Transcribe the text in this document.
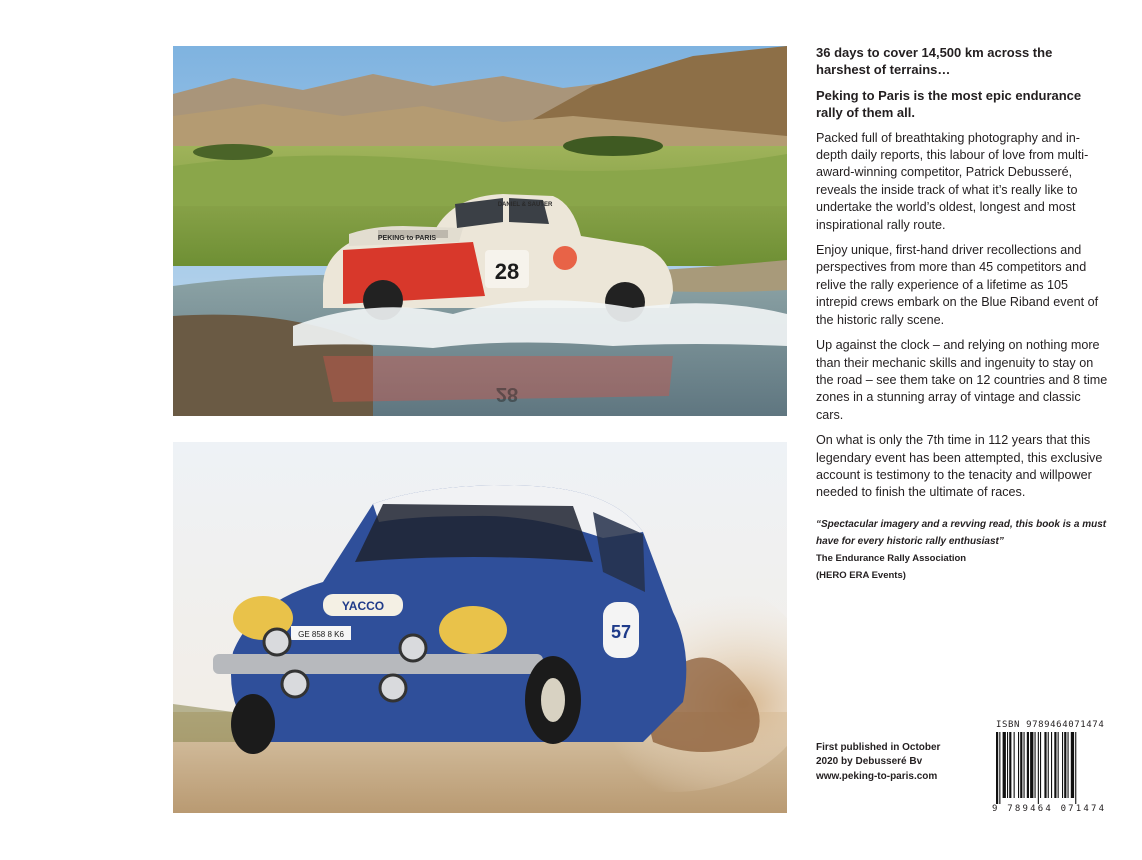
28
PEKING to PARIS
DANIEL & SAUTER
28
YACCO
GE 858 8 K6	57

36 days to cover 14,500 km across the harshest of terrains…

Peking to Paris is the most epic endurance rally of them all.

Packed full of breathtaking photography and in-depth daily reports, this labour of love from multi-award-winning competitor, Patrick Debusseré, reveals the inside track of what it’s really like to undertake the world’s oldest, longest and most inspirational rally route.

Enjoy unique, first-hand driver recollections and perspectives from more than 45 competitors and relive the rally experience of a lifetime as 105 intrepid crews embark on the Blue Riband event of the historic rally scene.

Up against the clock – and relying on nothing more than their mechanic skills and ingenuity to stay on the road – see them take on 12 countries and 8 time zones in a stunning array of vintage and classic cars.

On what is only the 7th time in 112 years that this legendary event has been attempted, this exclusive account is testimony to the tenacity and willpower needed to finish the ultimate of races.

“Spectacular imagery and a revving read, this book is a must have for every historic rally enthusiast”
The Endurance Rally Association
(HERO ERA Events)
First published in October
2020 by Debusseré Bv
www.peking-to-paris.com
ISBN 9789464071474
9 789464 071474
